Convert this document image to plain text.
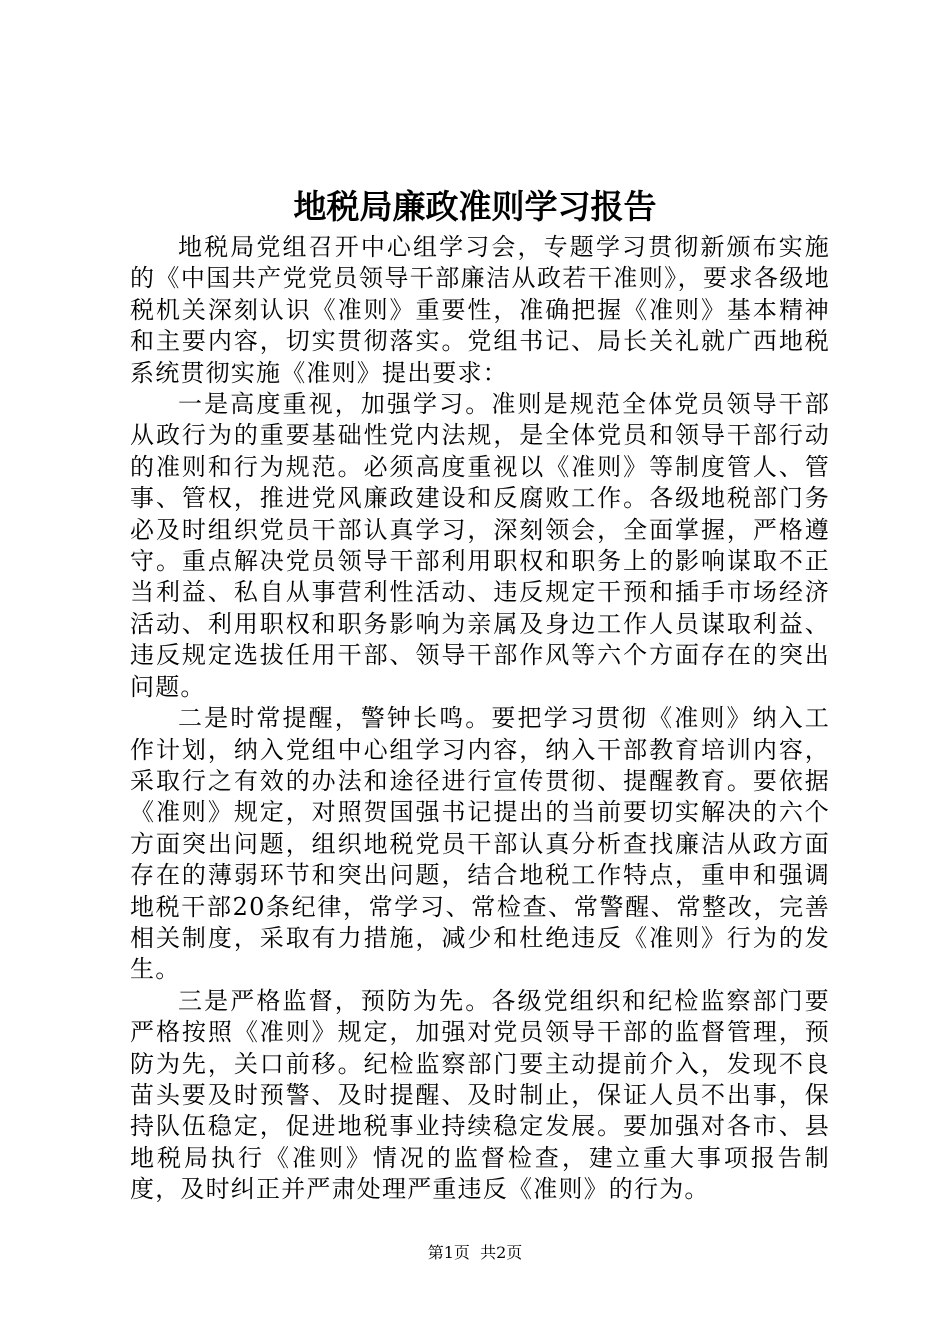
地税局廉政准则学习报告

地税局党组召开中心组学习会，专题学习贯彻新颁布实施的《中国共产党党员领导干部廉洁从政若干准则》，要求各级地税机关深刻认识《准则》重要性，准确把握《准则》基本精神和主要内容，切实贯彻落实。党组书记、局长关礼就广西地税系统贯彻实施《准则》提出要求：

一是高度重视，加强学习。准则是规范全体党员领导干部从政行为的重要基础性党内法规，是全体党员和领导干部行动的准则和行为规范。必须高度重视以《准则》等制度管人、管事、管权，推进党风廉政建设和反腐败工作。各级地税部门务必及时组织党员干部认真学习，深刻领会，全面掌握，严格遵守。重点解决党员领导干部利用职权和职务上的影响谋取不正当利益、私自从事营利性活动、违反规定干预和插手市场经济活动、利用职权和职务影响为亲属及身边工作人员谋取利益、违反规定选拔任用干部、领导干部作风等六个方面存在的突出问题。

二是时常提醒，警钟长鸣。要把学习贯彻《准则》纳入工作计划，纳入党组中心组学习内容，纳入干部教育培训内容，采取行之有效的办法和途径进行宣传贯彻、提醒教育。要依据《准则》规定，对照贺国强书记提出的当前要切实解决的六个方面突出问题，组织地税党员干部认真分析查找廉洁从政方面存在的薄弱环节和突出问题，结合地税工作特点，重申和强调地税干部20条纪律，常学习、常检查、常警醒、常整改，完善相关制度，采取有力措施，减少和杜绝违反《准则》行为的发生。

三是严格监督，预防为先。各级党组织和纪检监察部门要严格按照《准则》规定，加强对党员领导干部的监督管理，预防为先，关口前移。纪检监察部门要主动提前介入，发现不良苗头要及时预警、及时提醒、及时制止，保证人员不出事，保持队伍稳定，促进地税事业持续稳定发展。要加强对各市、县地税局执行《准则》情况的监督检查，建立重大事项报告制度，及时纠正并严肃处理严重违反《准则》的行为。

第1页 共2页
